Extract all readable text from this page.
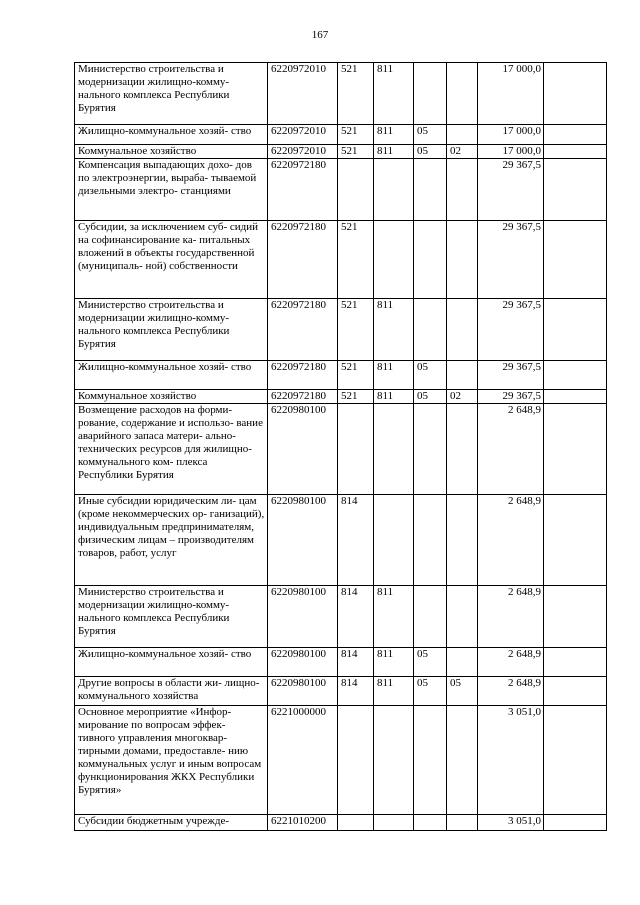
167
Министерство строительства и модернизации жилищно-комму- нального комплекса Республики Бурятия	6220972010	521	811			17 000,0	
Жилищно-коммунальное хозяй- ство	6220972010	521	811	05		17 000,0	
Коммунальное хозяйство	6220972010	521	811	05	02	17 000,0	
Компенсация выпадающих дохо- дов по электроэнергии, выраба- тываемой дизельными электро- станциями	6220972180					29 367,5	
Субсидии, за исключением суб- сидий на софинансирование ка- питальных вложений в объекты государственной (муниципаль- ной) собственности	6220972180	521				29 367,5	
Министерство строительства и модернизации жилищно-комму- нального комплекса Республики Бурятия	6220972180	521	811			29 367,5	
Жилищно-коммунальное хозяй- ство	6220972180	521	811	05		29 367,5	
Коммунальное хозяйство	6220972180	521	811	05	02	29 367,5	
Возмещение расходов на форми- рование, содержание и использо- вание аварийного запаса матери- ально-технических ресурсов для жилищно-коммунального ком- плекса Республики Бурятия	6220980100					2 648,9	
Иные субсидии юридическим ли- цам (кроме некоммерческих ор- ганизаций), индивидуальным предпринимателям, физическим лицам – производителям товаров, работ, услуг	6220980100	814				2 648,9	
Министерство строительства и модернизации жилищно-комму- нального комплекса Республики Бурятия	6220980100	814	811			2 648,9	
Жилищно-коммунальное хозяй- ство	6220980100	814	811	05		2 648,9	
Другие вопросы в области жи- лищно-коммунального хозяйства	6220980100	814	811	05	05	2 648,9	
Основное мероприятие «Инфор- мирование по вопросам эффек- тивного управления многоквар- тирными домами, предоставле- нию коммунальных услуг и иным вопросам функционирования ЖКХ Республики Бурятия»	6221000000					3 051,0	
Субсидии бюджетным учрежде-	6221010200					3 051,0	
